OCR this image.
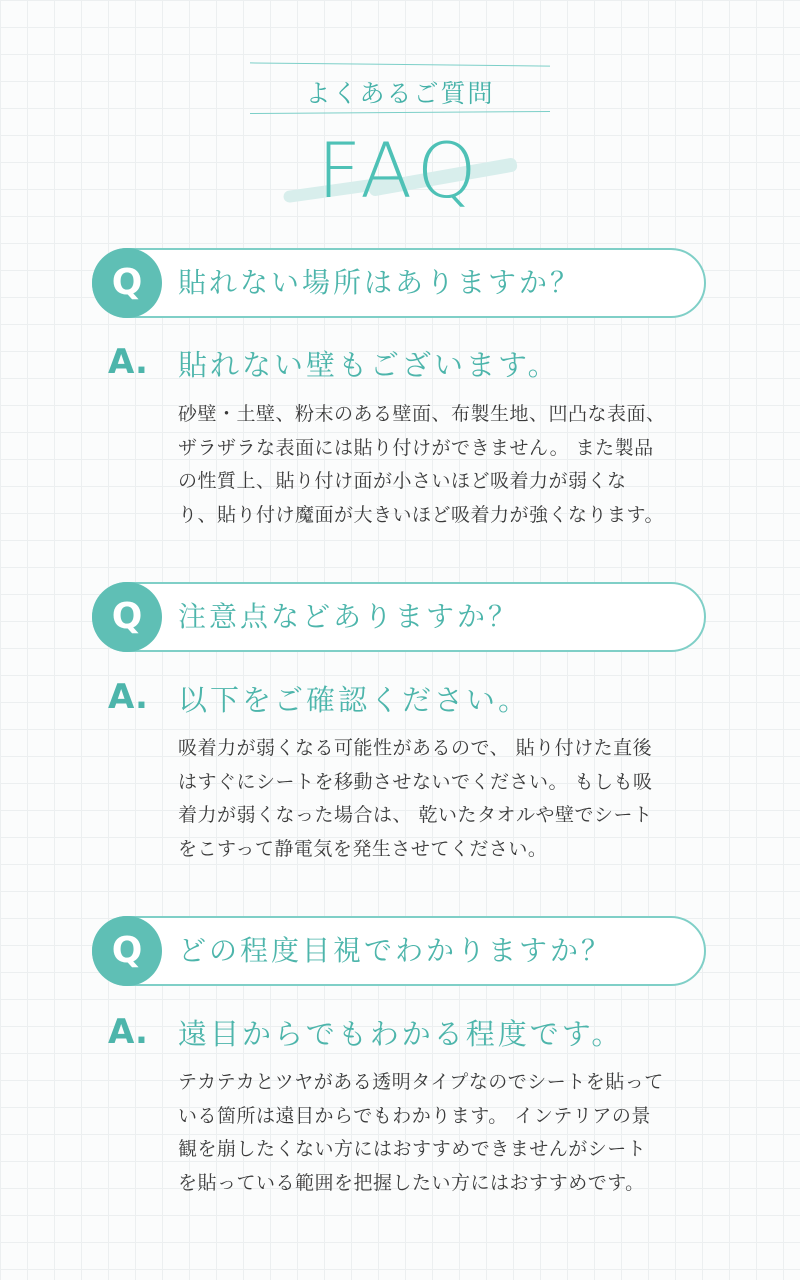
よくあるご質問
FAQ
Q	貼れない場所はありますか？
A. 貼れない壁もございます。
砂壁・土壁、粉末のある壁面、布製生地、凹凸な表面、
ザラザラな表面には貼り付けができません。 また製品
の性質上、貼り付け面が小さいほど吸着力が弱くな
り、貼り付け魔面が大きいほど吸着力が強くなります。
Q	注意点などありますか？
A. 以下をご確認ください。
吸着力が弱くなる可能性があるので、 貼り付けた直後
はすぐにシートを移動させないでください。 もしも吸
着力が弱くなった場合は、 乾いたタオルや壁でシート
をこすって静電気を発生させてください。
Q	どの程度目視でわかりますか？
A. 遠目からでもわかる程度です。
テカテカとツヤがある透明タイプなのでシートを貼って
いる箇所は遠目からでもわかります。 インテリアの景
観を崩したくない方にはおすすめできませんがシート
を貼っている範囲を把握したい方にはおすすめです。
